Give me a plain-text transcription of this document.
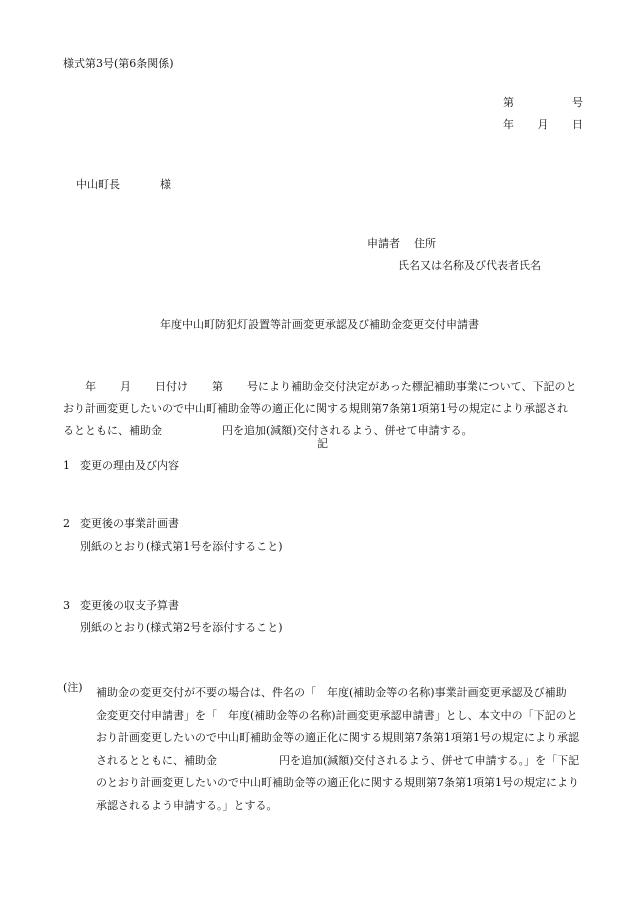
様式第3号(第6条関係)
第	号
年 月 日
中山町長	様
申請者 住所
氏名又は名称及び代表者氏名
年度中山町防犯灯設置等計画変更承認及び補助金変更交付申請書

年 月 日付け 第 号により補助金交付決定があった標記補助事業について、下記のと

おり計画変更したいので中山町補助金等の適正化に関する規則第7条第1項第1号の規定により承認され

るとともに、補助金	円を追加(減額)交付されるよう、併せて申請する。

記
1 変更の理由及び内容
2 変更後の事業計画書
別紙のとおり(様式第1号を添付すること)
3 変更後の収支予算書
別紙のとおり(様式第2号を添付すること)
(注) 補助金の変更交付が不要の場合は、件名の「　年度(補助金等の名称)事業計画変更承認及び補助

金変更交付申請書」を「　年度(補助金等の名称)計画変更承認申請書」とし、本文中の「下記のと

おり計画変更したいので中山町補助金等の適正化に関する規則第7条第1項第1号の規定により承認

されるとともに、補助金	円を追加(減額)交付されるよう、併せて申請する。」を「下記

のとおり計画変更したいので中山町補助金等の適正化に関する規則第7条第1項第1号の規定により

承認されるよう申請する。」とする。
